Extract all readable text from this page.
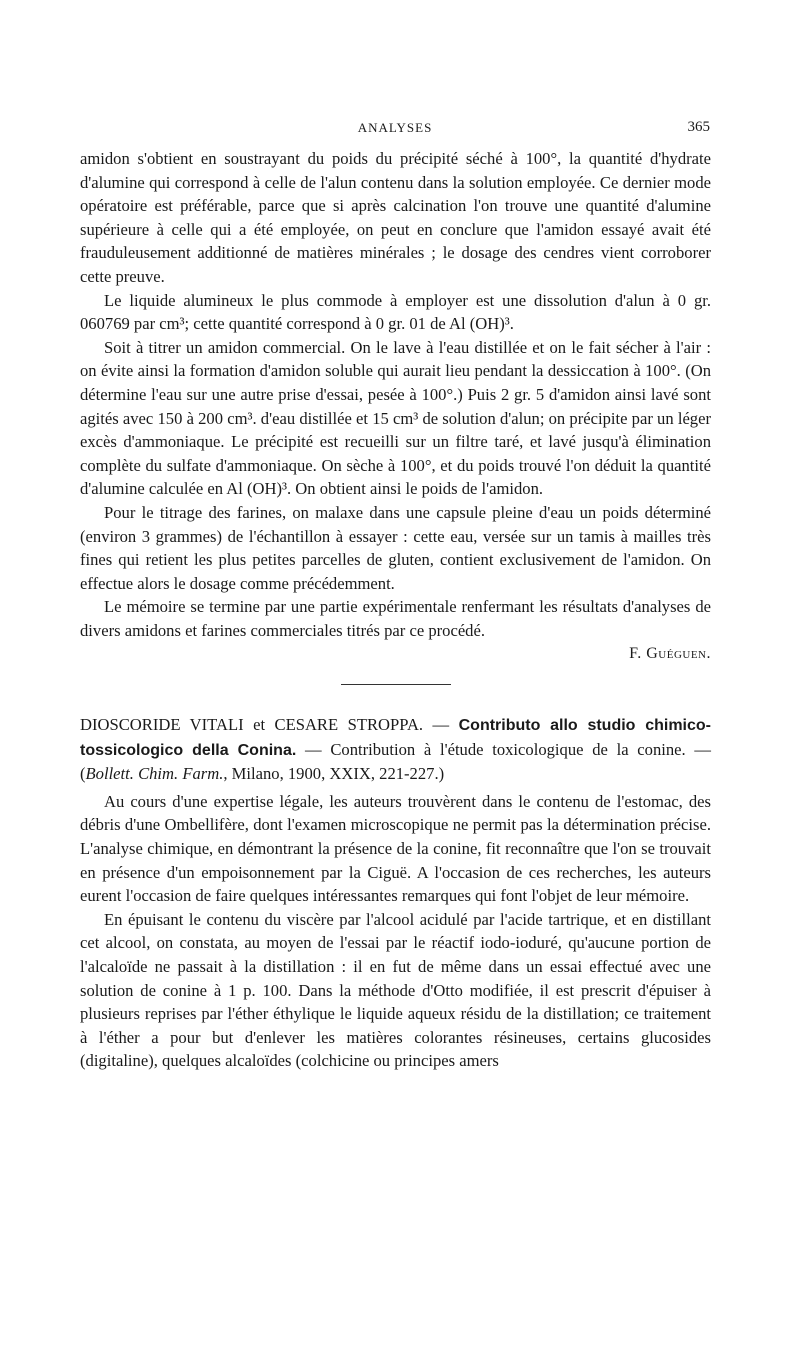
ANALYSES	365

amidon s'obtient en soustrayant du poids du précipité séché à 100°, la quantité d'hydrate d'alumine qui correspond à celle de l'alun contenu dans la solution employée. Ce dernier mode opératoire est préférable, parce que si après calcination l'on trouve une quantité d'alumine supérieure à celle qui a été employée, on peut en conclure que l'amidon essayé avait été frauduleusement additionné de matières minérales ; le dosage des cendres vient corroborer cette preuve.

Le liquide alumineux le plus commode à employer est une dissolution d'alun à 0 gr. 060769 par cm³; cette quantité correspond à 0 gr. 01 de Al (OH)³.

Soit à titrer un amidon commercial. On le lave à l'eau distillée et on le fait sécher à l'air : on évite ainsi la formation d'amidon soluble qui aurait lieu pendant la dessiccation à 100°. (On détermine l'eau sur une autre prise d'essai, pesée à 100°.) Puis 2 gr. 5 d'amidon ainsi lavé sont agités avec 150 à 200 cm³. d'eau distillée et 15 cm³ de solution d'alun; on précipite par un léger excès d'ammoniaque. Le précipité est recueilli sur un filtre taré, et lavé jusqu'à élimination complète du sulfate d'ammoniaque. On sèche à 100°, et du poids trouvé l'on déduit la quantité d'alumine calculée en Al (OH)³. On obtient ainsi le poids de l'amidon.

Pour le titrage des farines, on malaxe dans une capsule pleine d'eau un poids déterminé (environ 3 grammes) de l'échantillon à essayer : cette eau, versée sur un tamis à mailles très fines qui retient les plus petites parcelles de gluten, contient exclusivement de l'amidon. On effectue alors le dosage comme précédemment.

Le mémoire se termine par une partie expérimentale renfermant les résultats d'analyses de divers amidons et farines commerciales titrés par ce procédé.

F. Guéguen.

DIOSCORIDE VITALI et CESARE STROPPA. — Contributo allo studio chimico-tossicologico della Conina. — Contribution à l'étude toxicologique de la conine. — (Bollett. Chim. Farm., Milano, 1900, XXIX, 221-227.)

Au cours d'une expertise légale, les auteurs trouvèrent dans le contenu de l'estomac, des débris d'une Ombellifère, dont l'examen microscopique ne permit pas la détermination précise. L'analyse chimique, en démontrant la présence de la conine, fit reconnaître que l'on se trouvait en présence d'un empoisonnement par la Ciguë. A l'occasion de ces recherches, les auteurs eurent l'occasion de faire quelques intéressantes remarques qui font l'objet de leur mémoire.

En épuisant le contenu du viscère par l'alcool acidulé par l'acide tartrique, et en distillant cet alcool, on constata, au moyen de l'essai par le réactif iodo-ioduré, qu'aucune portion de l'alcaloïde ne passait à la distillation : il en fut de même dans un essai effectué avec une solution de conine à 1 p. 100. Dans la méthode d'Otto modifiée, il est prescrit d'épuiser à plusieurs reprises par l'éther éthylique le liquide aqueux résidu de la distillation; ce traitement à l'éther a pour but d'enlever les matières colorantes résineuses, certains glucosides (digitaline), quelques alcaloïdes (colchicine ou principes amers
